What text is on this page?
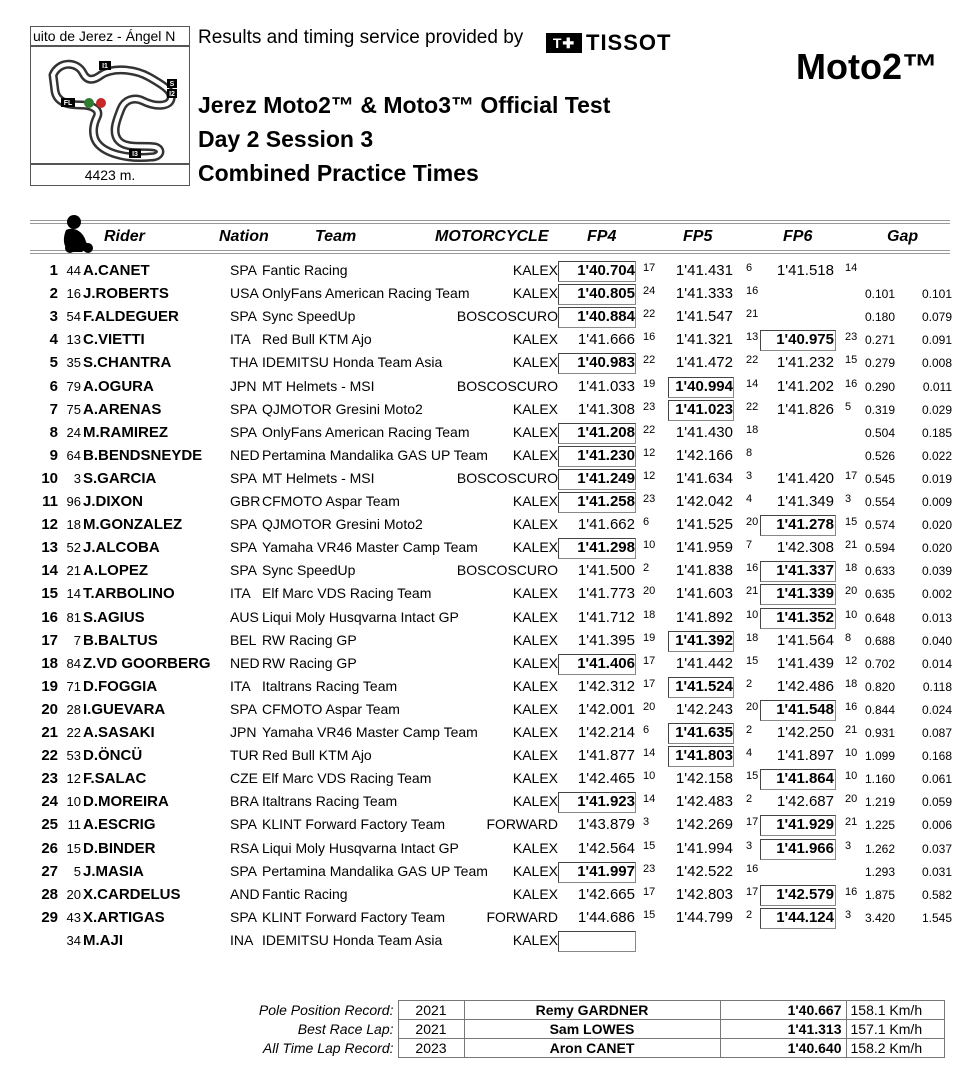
uito de Jerez - Ángel N
I1
S
I2
I3
FL
4423 m.
Results and timing service provided by	T✚ TISSOT
Moto2™
Jerez Moto2™ & Moto3™ Official Test
Day 2 Session 3
Combined Practice Times
Rider	Nation	Team	MOTORCYCLE FP4	FP5	FP6	Gap
1 44 A.CANET	SPA Fantic Racing	KALEX 1'40.704 17 1'41.431 6 1'41.518 14
2 16 J.ROBERTS	USA OnlyFans American Racing Team	KALEX 1'40.805 24 1'41.333 16	0.101 0.101
3 54 F.ALDEGUER	SPA Sync SpeedUp	BOSCOSCURO 1'40.884 22 1'41.547 21	0.180 0.079
4 13 C.VIETTI	ITA Red Bull KTM Ajo	KALEX 1'41.666 16 1'41.321 13 1'40.975 23 0.271 0.091
5 35 S.CHANTRA	THA IDEMITSU Honda Team Asia	KALEX 1'40.983 22 1'41.472 22 1'41.232 15 0.279 0.008
6 79 A.OGURA	JPN MT Helmets - MSI	BOSCOSCURO 1'41.033 19 1'40.994 14 1'41.202 16 0.290 0.011
7 75 A.ARENAS	SPA QJMOTOR Gresini Moto2	KALEX 1'41.308 23 1'41.023 22 1'41.826 5 0.319 0.029
8 24 M.RAMIREZ	SPA OnlyFans American Racing Team	KALEX 1'41.208 22 1'41.430 18	0.504 0.185
9 64 B.BENDSNEYDE NED Pertamina Mandalika GAS UP Team KALEX 1'41.230 12 1'42.166 8	0.526 0.022
10 3 S.GARCIA	SPA MT Helmets - MSI	BOSCOSCURO 1'41.249 12 1'41.634 3 1'41.420 17 0.545 0.019
11 96 J.DIXON	GBR CFMOTO Aspar Team	KALEX 1'41.258 23 1'42.042 4 1'41.349 3 0.554 0.009
12 18 M.GONZALEZ	SPA QJMOTOR Gresini Moto2	KALEX 1'41.662 6 1'41.525 20 1'41.278 15 0.574 0.020
13 52 J.ALCOBA	SPA Yamaha VR46 Master Camp Team	KALEX 1'41.298 10 1'41.959 7 1'42.308 21 0.594 0.020
14 21 A.LOPEZ	SPA Sync SpeedUp	BOSCOSCURO 1'41.500 2 1'41.838 16 1'41.337 18 0.633 0.039
15 14 T.ARBOLINO	ITA Elf Marc VDS Racing Team	KALEX 1'41.773 20 1'41.603 21 1'41.339 20 0.635 0.002
16 81 S.AGIUS	AUS Liqui Moly Husqvarna Intact GP	KALEX 1'41.712 18 1'41.892 10 1'41.352 10 0.648 0.013
17 7 B.BALTUS	BEL RW Racing GP	KALEX 1'41.395 19 1'41.392 18 1'41.564 8 0.688 0.040
18 84 Z.VD GOORBERG NED RW Racing GP	KALEX 1'41.406 17 1'41.442 15 1'41.439 12 0.702 0.014
19 71 D.FOGGIA	ITA Italtrans Racing Team	KALEX 1'42.312 17 1'41.524 2 1'42.486 18 0.820 0.118
20 28 I.GUEVARA	SPA CFMOTO Aspar Team	KALEX 1'42.001 20 1'42.243 20 1'41.548 16 0.844 0.024
21 22 A.SASAKI	JPN Yamaha VR46 Master Camp Team	KALEX 1'42.214 6 1'41.635 2 1'42.250 21 0.931 0.087
22 53 D.ÖNCÜ	TUR Red Bull KTM Ajo	KALEX 1'41.877 14 1'41.803 4 1'41.897 10 1.099 0.168
23 12 F.SALAC	CZE Elf Marc VDS Racing Team	KALEX 1'42.465 10 1'42.158 15 1'41.864 10 1.160 0.061
24 10 D.MOREIRA	BRA Italtrans Racing Team	KALEX 1'41.923 14 1'42.483 2 1'42.687 20 1.219 0.059
25 11 A.ESCRIG	SPA KLINT Forward Factory Team	FORWARD 1'43.879 3 1'42.269 17 1'41.929 21 1.225 0.006
26 15 D.BINDER	RSA Liqui Moly Husqvarna Intact GP	KALEX 1'42.564 15 1'41.994 3 1'41.966 3 1.262 0.037
27 5 J.MASIA	SPA Pertamina Mandalika GAS UP Team KALEX 1'41.997 23 1'42.522 16	1.293 0.031
28 20 X.CARDELUS	AND Fantic Racing	KALEX 1'42.665 17 1'42.803 17 1'42.579 16 1.875 0.582
29 43 X.ARTIGAS	SPA KLINT Forward Factory Team	FORWARD 1'44.686 15 1'44.799 2 1'44.124 3 3.420 1.545
34 M.AJI	INA IDEMITSU Honda Team Asia	KALEX
Pole Position Record:	2021	Remy GARDNER	1'40.667	158.1 Km/h
Best Race Lap:	2021	Sam LOWES	1'41.313	157.1 Km/h
All Time Lap Record:	2023	Aron CANET	1'40.640	158.2 Km/h
